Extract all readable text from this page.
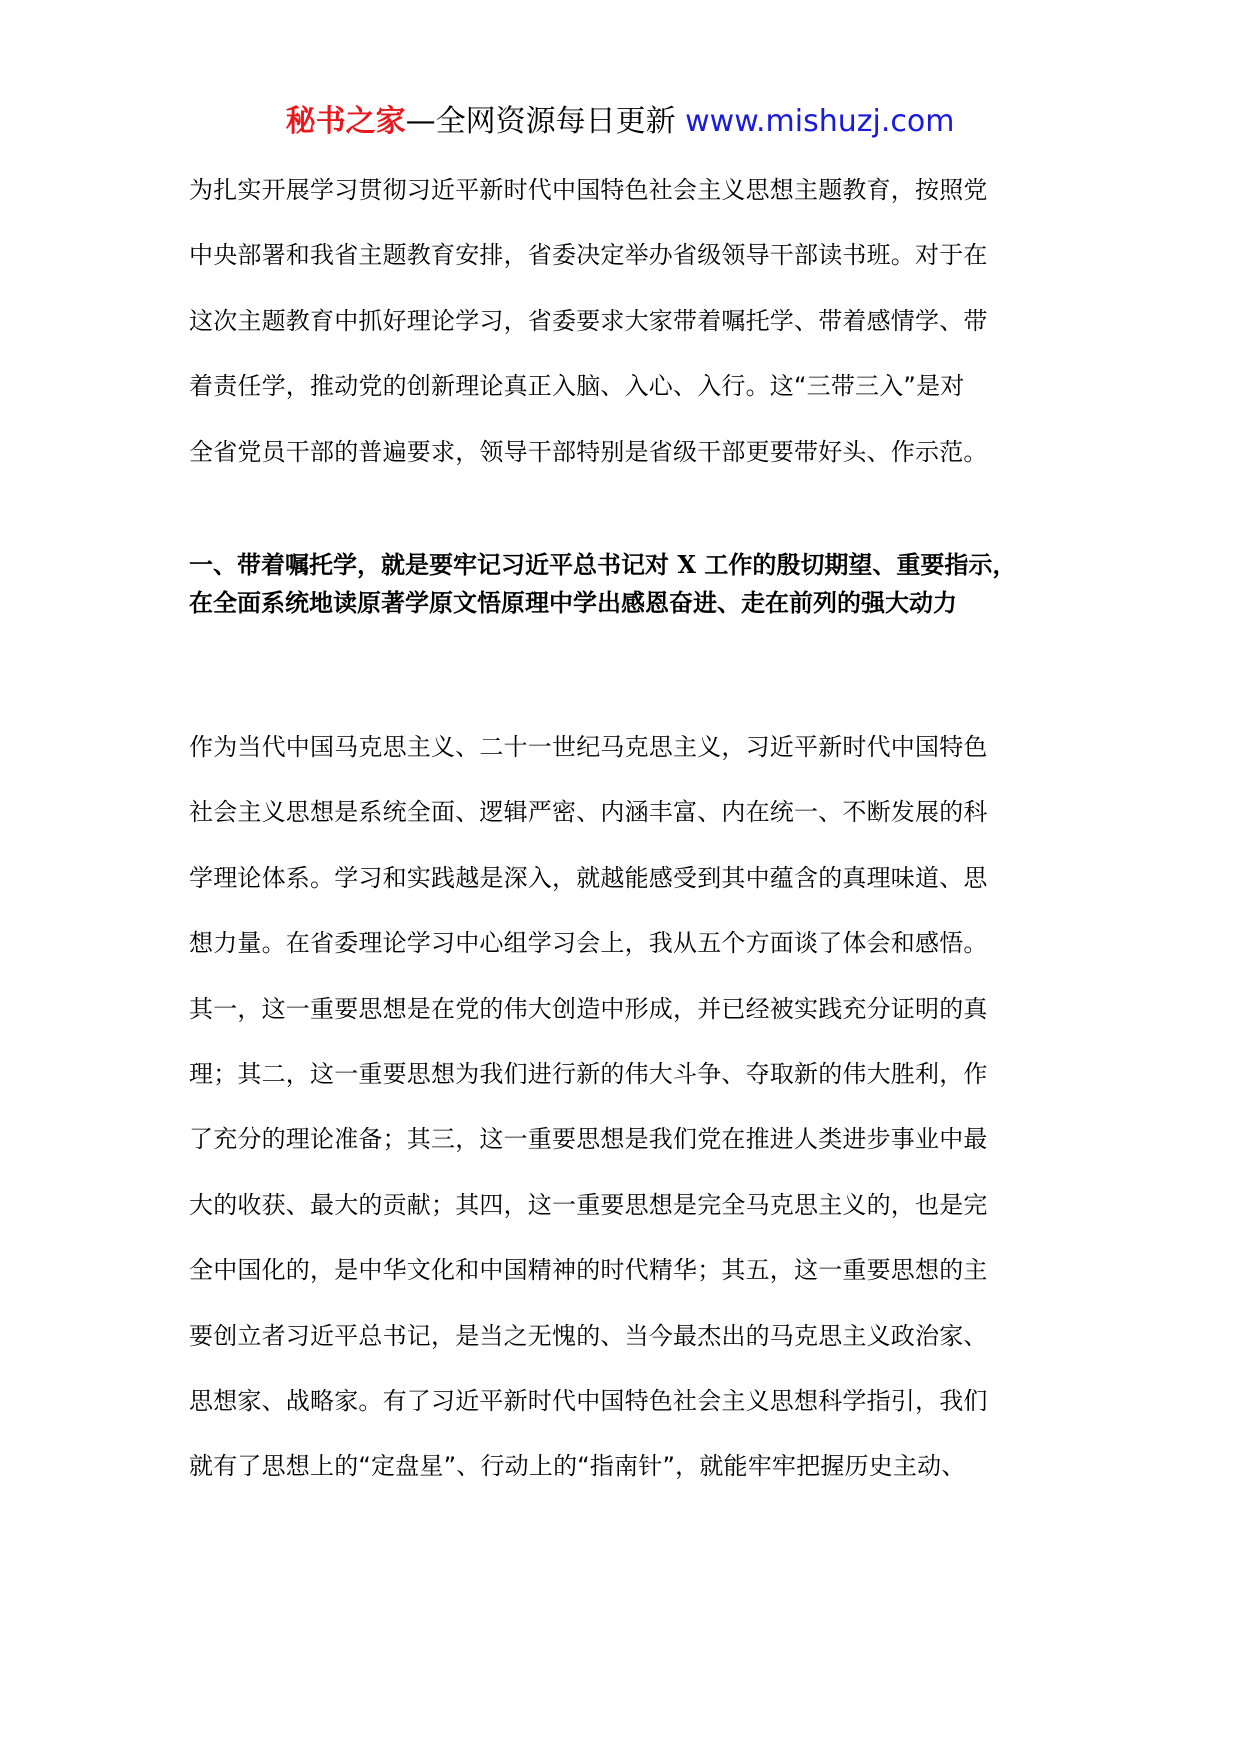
秘书之家—全网资源每日更新 www.mishuzj.com
为扎实开展学习贯彻习近平新时代中国特色社会主义思想主题教育，按照党
中央部署和我省主题教育安排，省委决定举办省级领导干部读书班。对于在
这次主题教育中抓好理论学习，省委要求大家带着嘱托学、带着感情学、带
着责任学，推动党的创新理论真正入脑、入心、入行。这“三带三入”是对
全省党员干部的普遍要求，领导干部特别是省级干部更要带好头、作示范。
一、带着嘱托学，就是要牢记习近平总书记对 X 工作的殷切期望、重要指示，
在全面系统地读原著学原文悟原理中学出感恩奋进、走在前列的强大动力
作为当代中国马克思主义、二十一世纪马克思主义，习近平新时代中国特色
社会主义思想是系统全面、逻辑严密、内涵丰富、内在统一、不断发展的科
学理论体系。学习和实践越是深入，就越能感受到其中蕴含的真理味道、思
想力量。在省委理论学习中心组学习会上，我从五个方面谈了体会和感悟。
其一，这一重要思想是在党的伟大创造中形成，并已经被实践充分证明的真
理；其二，这一重要思想为我们进行新的伟大斗争、夺取新的伟大胜利，作
了充分的理论准备；其三，这一重要思想是我们党在推进人类进步事业中最
大的收获、最大的贡献；其四，这一重要思想是完全马克思主义的，也是完
全中国化的，是中华文化和中国精神的时代精华；其五，这一重要思想的主
要创立者习近平总书记，是当之无愧的、当今最杰出的马克思主义政治家、
思想家、战略家。有了习近平新时代中国特色社会主义思想科学指引，我们
就有了思想上的“定盘星”、行动上的“指南针”，就能牢牢把握历史主动、
